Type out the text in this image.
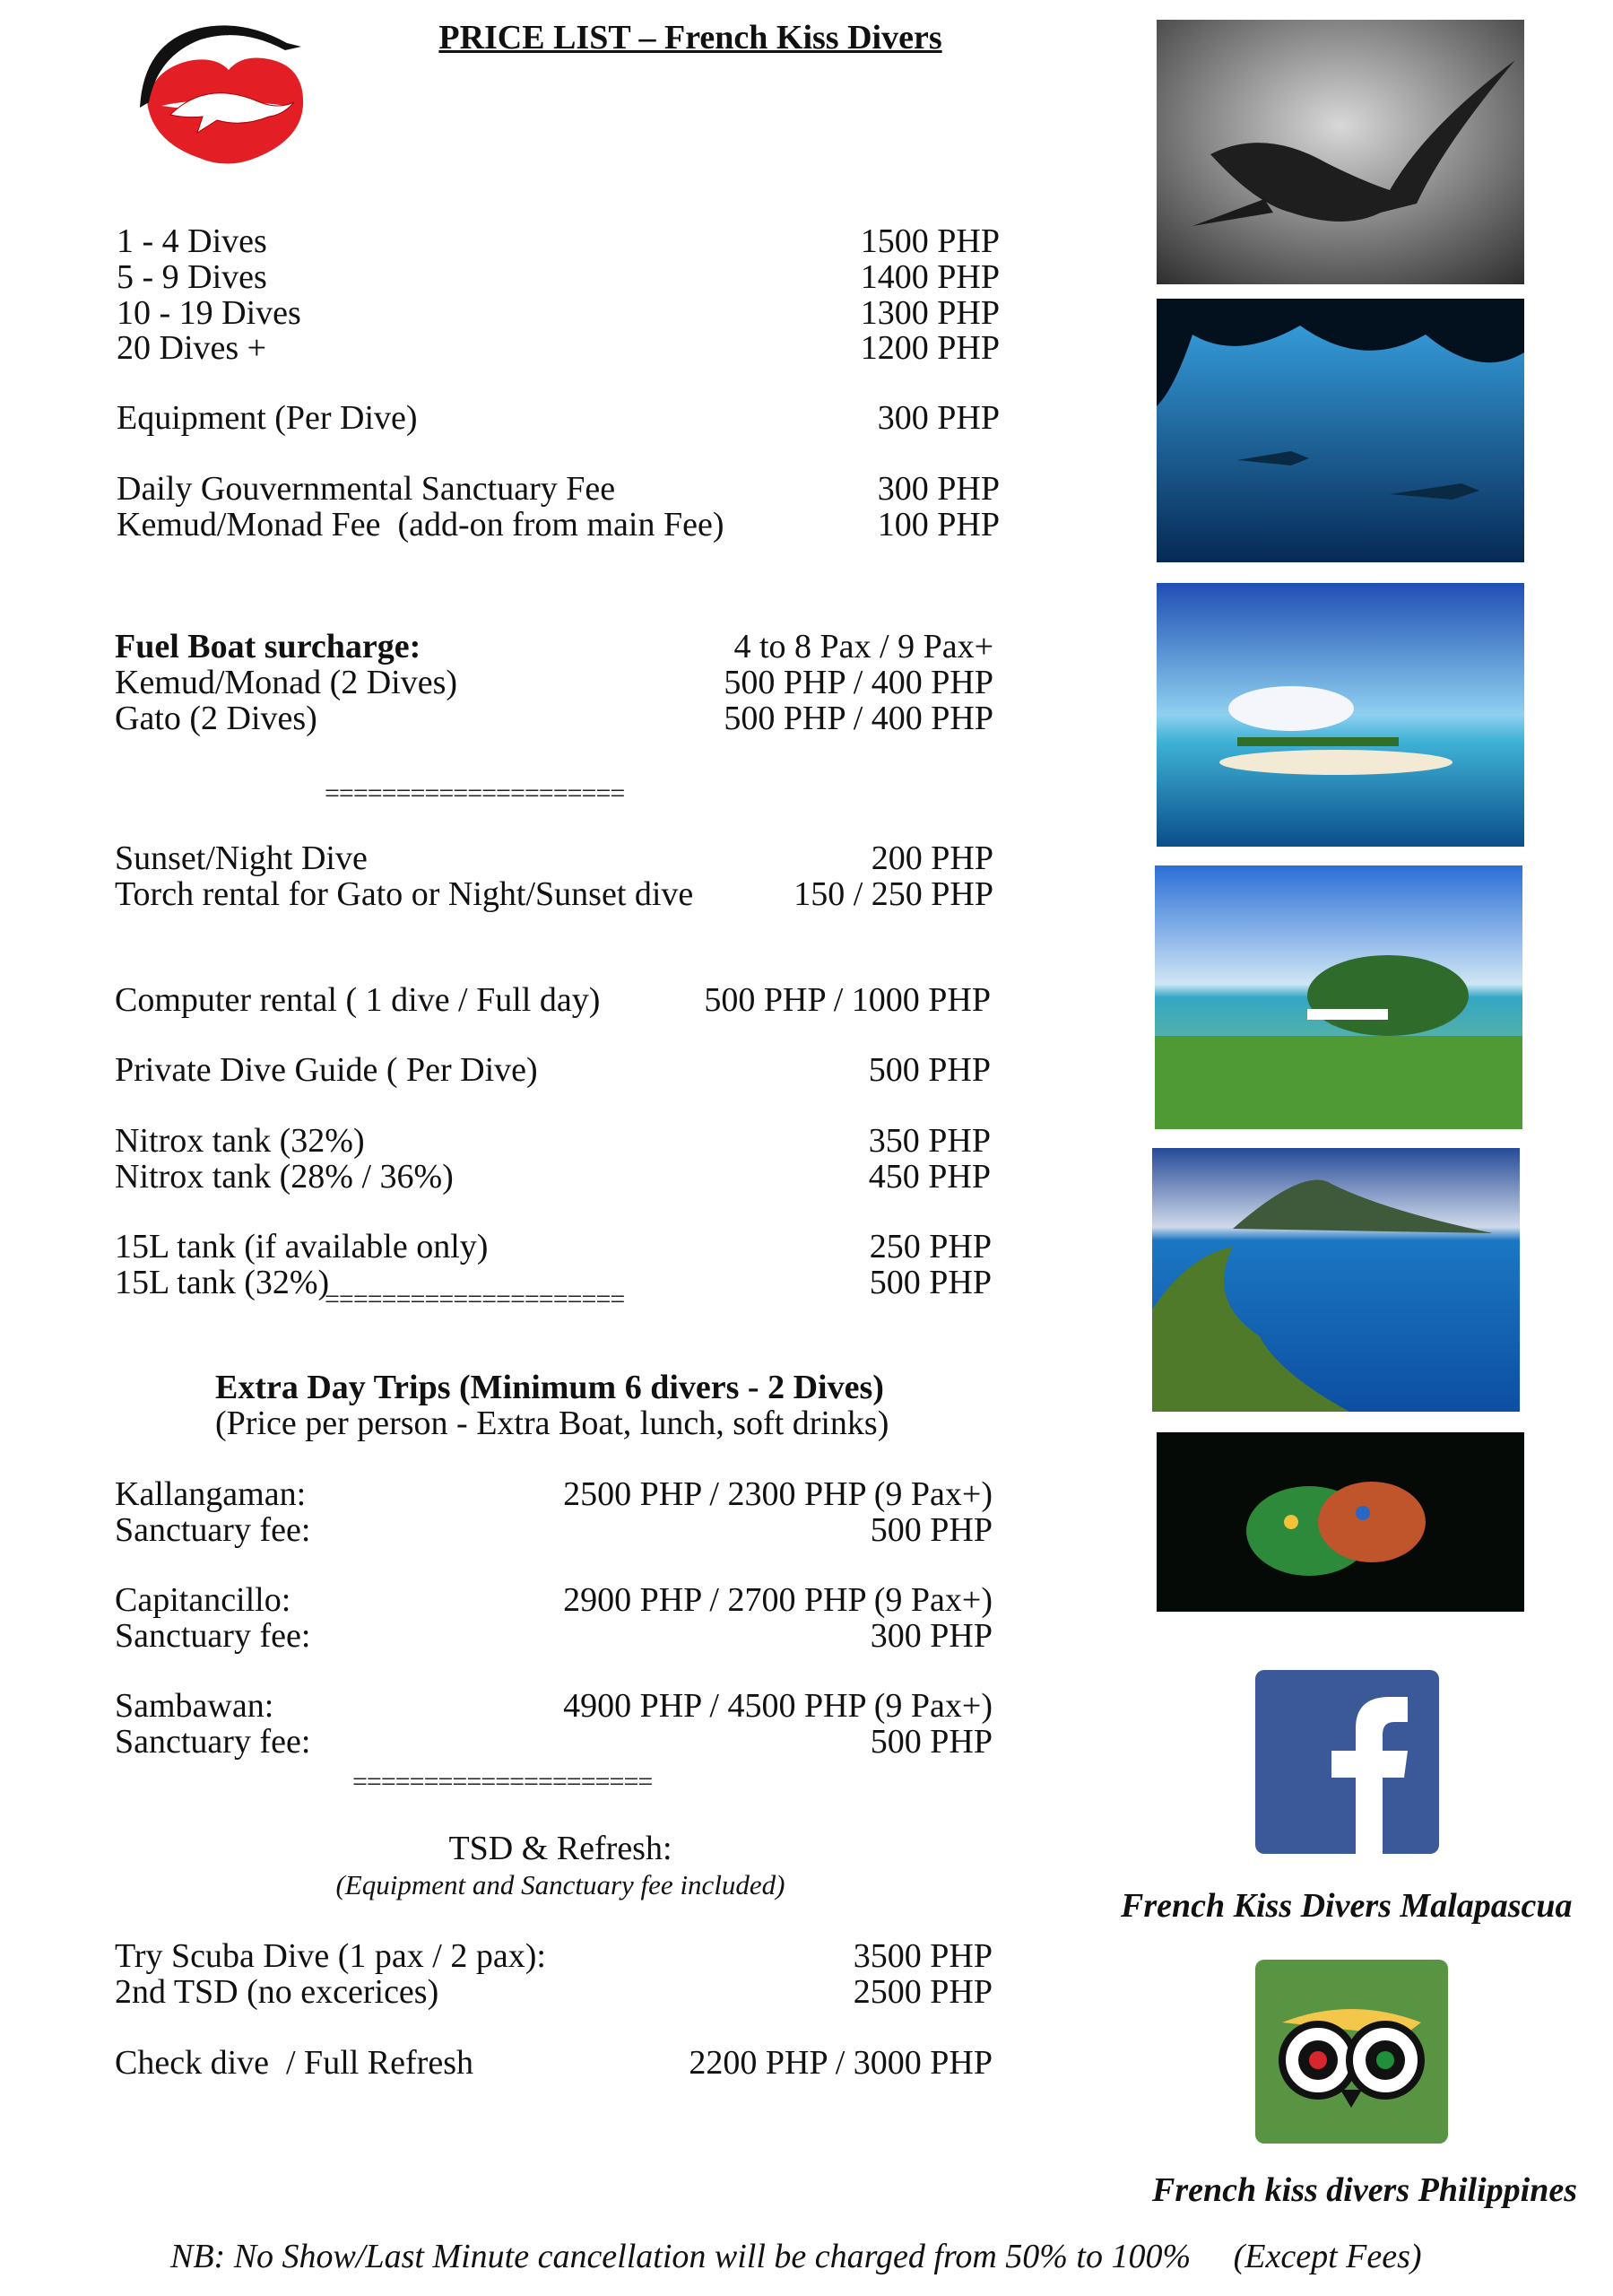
PRICE LIST – French Kiss Divers
1 - 4 Dives	1500 PHP
5 - 9 Dives	1400 PHP
10 - 19 Dives	1300 PHP
20 Dives +	1200 PHP
Equipment (Per Dive)	300 PHP
Daily Gouvernmental Sanctuary Fee	300 PHP
Kemud/Monad Fee  (add-on from main Fee)	100 PHP
Fuel Boat surcharge:	4 to 8 Pax / 9 Pax+
Kemud/Monad (2 Dives)	500 PHP / 400 PHP
Gato (2 Dives)	500 PHP / 400 PHP
=====================
Sunset/Night Dive	200 PHP
Torch rental for Gato or Night/Sunset dive	150 / 250 PHP
Computer rental ( 1 dive / Full day)	500 PHP / 1000 PHP
Private Dive Guide ( Per Dive)	500 PHP
Nitrox tank (32%)	350 PHP
Nitrox tank (28% / 36%)	450 PHP
15L tank (if available only)	250 PHP
15L tank (32%)	500 PHP
=====================
Extra Day Trips (Minimum 6 divers - 2 Dives)
(Price per person - Extra Boat, lunch, soft drinks)
Kallangaman:	2500 PHP / 2300 PHP (9 Pax+)
Sanctuary fee:	500 PHP
Capitancillo:	2900 PHP / 2700 PHP (9 Pax+)
Sanctuary fee:	300 PHP
Sambawan:	4900 PHP / 4500 PHP (9 Pax+)
Sanctuary fee:	500 PHP
=====================
TSD & Refresh:
(Equipment and Sanctuary fee included)
Try Scuba Dive (1 pax / 2 pax):	3500 PHP
2nd TSD (no excerices)	2500 PHP
Check dive  / Full Refresh	2200 PHP / 3000 PHP
NB: No Show/Last Minute cancellation will be charged from 50% to 100%     (Except Fees)
French Kiss Divers Malapascua
French kiss divers Philippines
